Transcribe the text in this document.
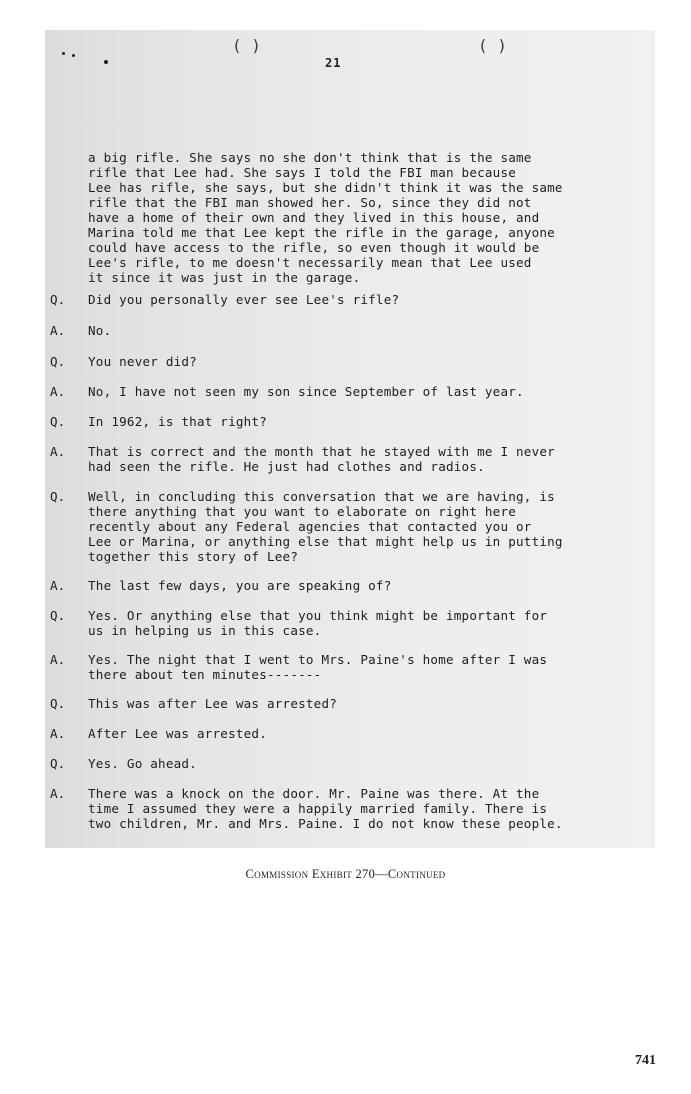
( )	( )
21
a big rifle. She says no she don't think that is the same
rifle that Lee had. She says I told the FBI man because
Lee has rifle, she says, but she didn't think it was the same
rifle that the FBI man showed her. So, since they did not
have a home of their own and they lived in this house, and
Marina told me that Lee kept the rifle in the garage, anyone
could have access to the rifle, so even though it would be
Lee's rifle, to me doesn't necessarily mean that Lee used
it since it was just in the garage.
Q.	Did you personally ever see Lee's rifle?
A.	No.
Q.	You never did?
A.	No, I have not seen my son since September of last year.
Q.	In 1962, is that right?
A.	That is correct and the month that he stayed with me I never
had seen the rifle. He just had clothes and radios.
Q.	Well, in concluding this conversation that we are having, is
there anything that you want to elaborate on right here
recently about any Federal agencies that contacted you or
Lee or Marina, or anything else that might help us in putting
together this story of Lee?
A.	The last few days, you are speaking of?
Q.	Yes. Or anything else that you think might be important for
us in helping us in this case.
A.	Yes. The night that I went to Mrs. Paine's home after I was
there about ten minutes-------
Q.	This was after Lee was arrested?
A.	After Lee was arrested.
Q.	Yes. Go ahead.
A.	There was a knock on the door. Mr. Paine was there. At the
time I assumed they were a happily married family. There is
two children, Mr. and Mrs. Paine. I do not know these people.
Commission Exhibit 270—Continued
741
